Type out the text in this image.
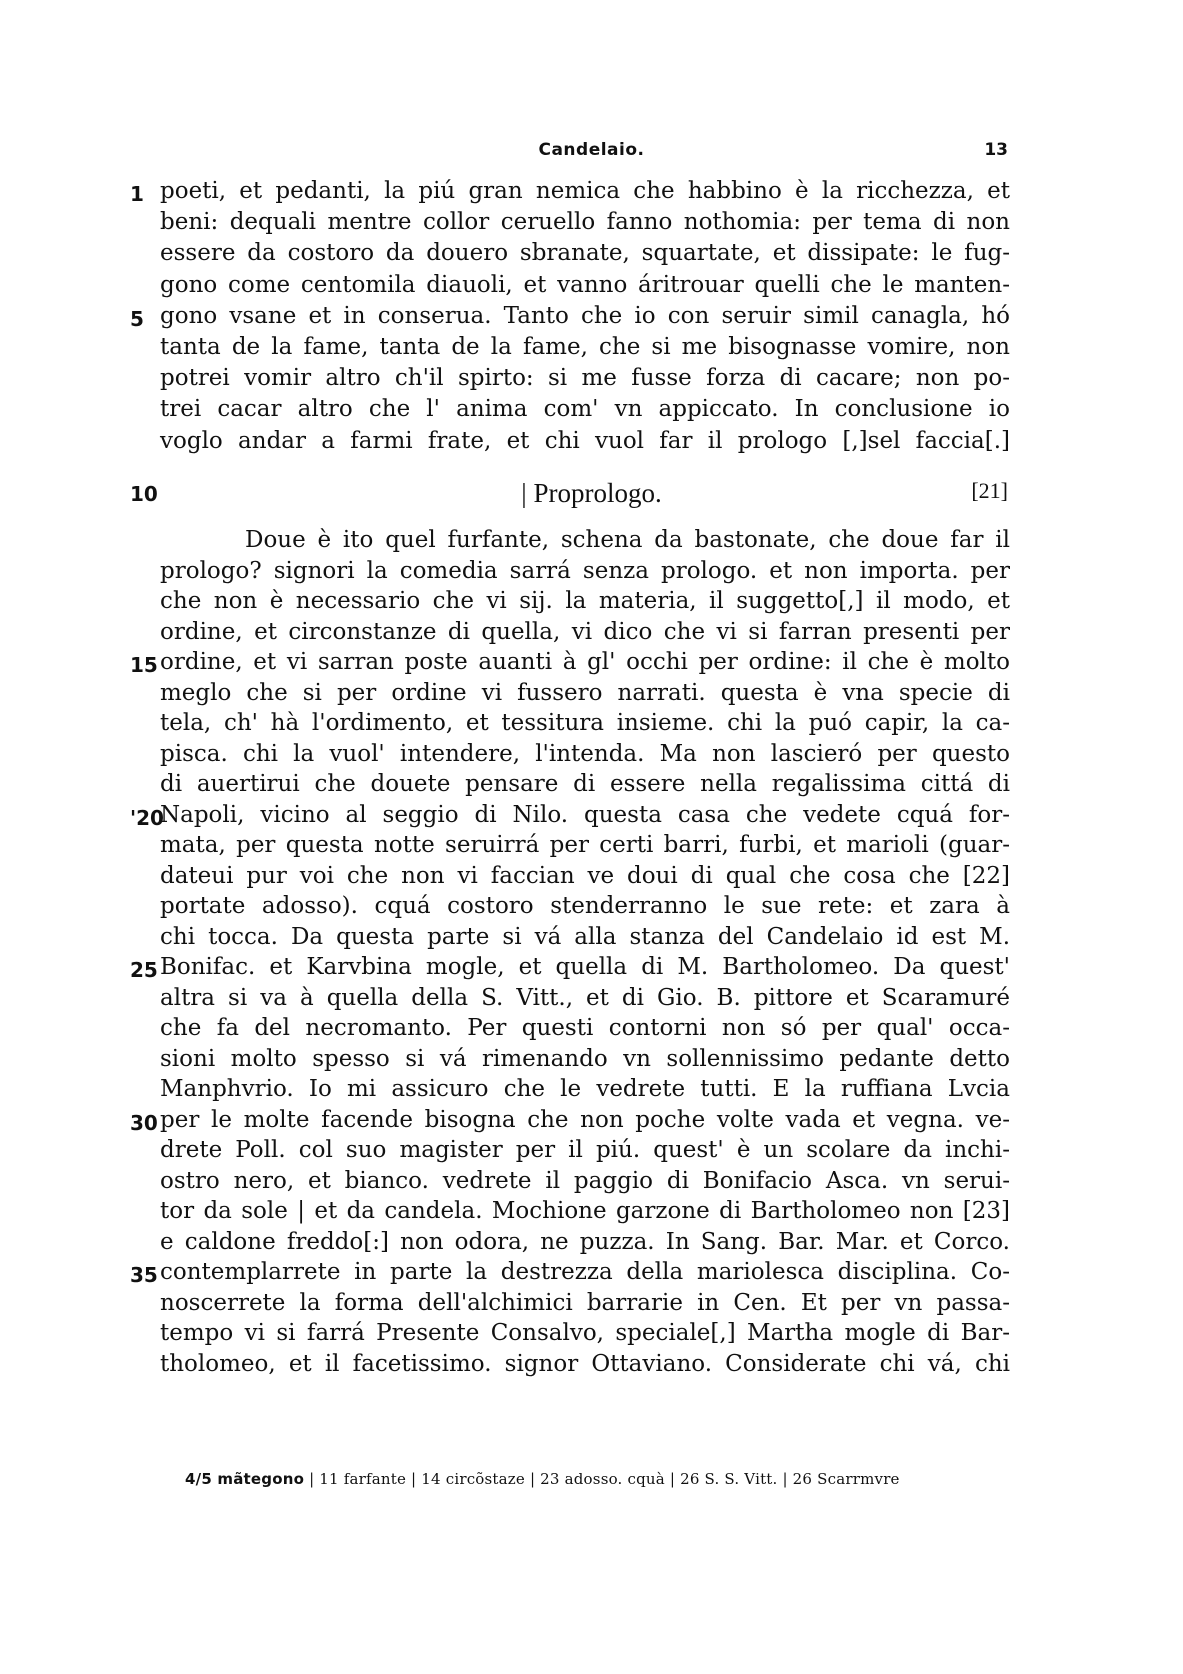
Candelaio.	13
1 poeti, et pedanti, la piú gran nemica che habbino è la ricchezza, et
beni: dequali mentre collor ceruello fanno nothomia: per tema di non
essere da costoro da douero sbranate, squartate, et dissipate: le fug-
gono come centomila diauoli, et vanno áritrouar quelli che le manten-
5 gono vsane et in conserua. Tanto che io con seruir simil canagla, hó
tanta de la fame, tanta de la fame, che si me bisognasse vomire, non
potrei vomir altro ch'il spirto: si me fusse forza di cacare; non po-
trei cacar altro che l' anima com' vn appiccato. In conclusione io
voglo andar a farmi frate, et chi vuol far il prologo [,]sel faccia[.]
10	| Proprologo.	[21]
Doue è ito quel furfante, schena da bastonate, che doue far il
prologo? signori la comedia sarrá senza prologo. et non importa. per
che non è necessario che vi sij. la materia, il suggetto[,] il modo, et
ordine, et circonstanze di quella, vi dico che vi si farran presenti per
15 ordine, et vi sarran poste auanti à gl' occhi per ordine: il che è molto
meglo che si per ordine vi fussero narrati. questa è vna specie di
tela, ch' hà l'ordimento, et tessitura insieme. chi la puó capir, la ca-
pisca. chi la vuol' intendere, l'intenda. Ma non lascieró per questo
di auertirui che douete pensare di essere nella regalissima cittá di
'20
Napoli, vicino al seggio di Nilo. questa casa che vedete cquá for-
mata, per questa notte seruirrá per certi barri, furbi, et marioli (guar-
dateui pur voi che non vi faccian ve doui di qual che cosa che [22]
portate adosso). cquá costoro stenderranno le sue rete: et zara à
chi tocca. Da questa parte si vá alla stanza del Candelaio id est M.
25 Bonifac. et Karvbina mogle, et quella di M. Bartholomeo. Da quest'
altra si va à quella della S. Vitt., et di Gio. B. pittore et Scaramuré
che fa del necromanto. Per questi contorni non só per qual' occa-
sioni molto spesso si vá rimenando vn sollennissimo pedante detto
Manphvrio. Io mi assicuro che le vedrete tutti. E la ruffiana Lvcia
30 per le molte facende bisogna che non poche volte vada et vegna. ve-
drete Poll. col suo magister per il piú. quest' è un scolare da inchi-
ostro nero, et bianco. vedrete il paggio di Bonifacio Asca. vn serui-
tor da sole | et da candela. Mochione garzone di Bartholomeo non [23]
e caldone freddo[:] non odora, ne puzza. In Sang. Bar. Mar. et Corco.
35 contemplarrete in parte la destrezza della mariolesca disciplina. Co-
noscerrete la forma dell'alchimici barrarie in Cen. Et per vn passa-
tempo vi si farrá Presente Consalvo, speciale[,] Martha mogle di Bar-
tholomeo, et il facetissimo. signor Ottaviano. Considerate chi vá, chi
4/5 mãtegono | 11 farfante | 14 circõstaze | 23 adosso. cquà | 26 S. S. Vitt. | 26 Scarrmvre
